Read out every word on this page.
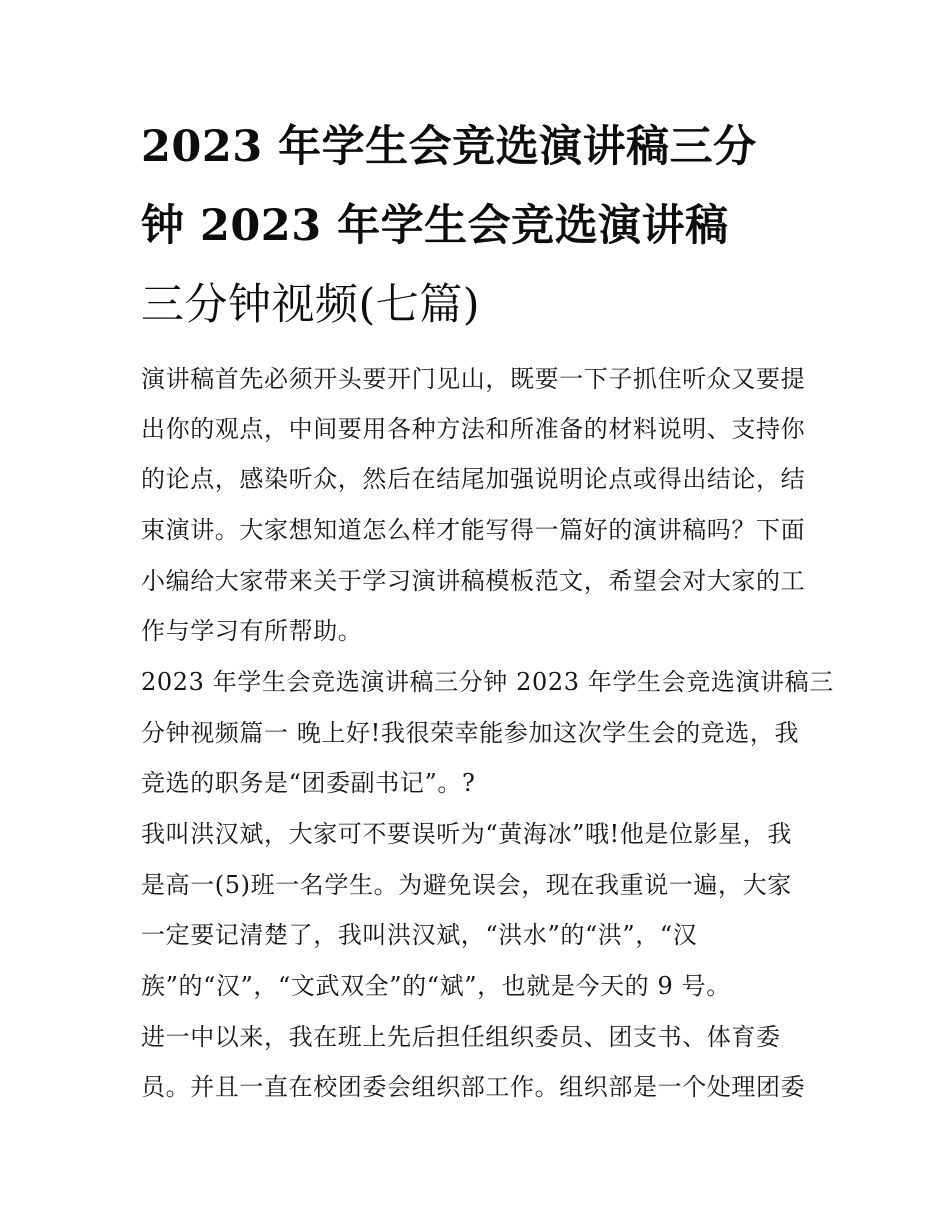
2023 年学生会竞选演讲稿三分
钟 2023 年学生会竞选演讲稿
三分钟视频(七篇)

演讲稿首先必须开头要开门见山，既要一下子抓住听众又要提

出你的观点，中间要用各种方法和所准备的材料说明、支持你

的论点，感染听众，然后在结尾加强说明论点或得出结论，结

束演讲。大家想知道怎么样才能写得一篇好的演讲稿吗？下面

小编给大家带来关于学习演讲稿模板范文，希望会对大家的工

作与学习有所帮助。

2023 年学生会竞选演讲稿三分钟 2023 年学生会竞选演讲稿三

分钟视频篇一 晚上好!我很荣幸能参加这次学生会的竞选，我

竞选的职务是“团委副书记”。?

我叫洪汉斌，大家可不要误听为“黄海冰”哦!他是位影星，我

是高一(5)班一名学生。为避免误会，现在我重说一遍，大家

一定要记清楚了，我叫洪汉斌，“洪水”的“洪”，“汉

族”的“汉”，“文武双全”的“斌”，也就是今天的 9 号。

进一中以来，我在班上先后担任组织委员、团支书、体育委

员。并且一直在校团委会组织部工作。组织部是一个处理团委
